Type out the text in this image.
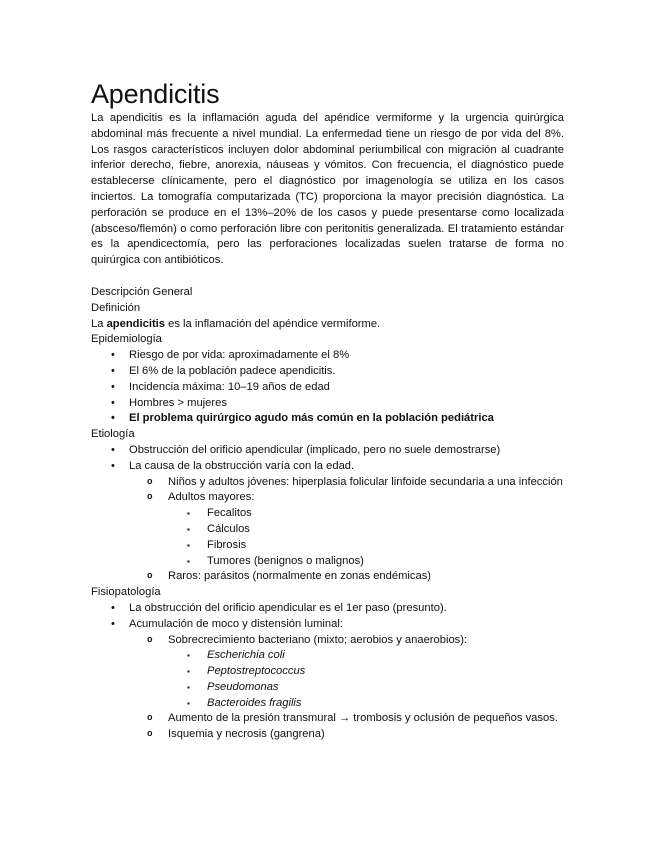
Apendicitis

La apendicitis es la inflamación aguda del apéndice vermiforme y la urgencia quirúrgica abdominal más frecuente a nivel mundial. La enfermedad tiene un riesgo de por vida del 8%. Los rasgos característicos incluyen dolor abdominal periumbilical con migración al cuadrante inferior derecho, fiebre, anorexia, náuseas y vómitos. Con frecuencia, el diagnóstico puede establecerse clínicamente, pero el diagnóstico por imagenología se utiliza en los casos inciertos. La tomografía computarizada (TC) proporciona la mayor precisión diagnóstica. La perforación se produce en el 13%–20% de los casos y puede presentarse como localizada (absceso/flemón) o como perforación libre con peritonitis generalizada. El tratamiento estándar es la apendicectomía, pero las perforaciones localizadas suelen tratarse de forma no quirúrgica con antibióticos.

Descripción General

Definición

La apendicitis es la inflamación del apéndice vermiforme.

Epidemiología

• Riesgo de por vida: aproximadamente el 8%
• El 6% de la población padece apendicitis.
• Incidencia máxima: 10–19 años de edad
• Hombres > mujeres
• El problema quirúrgico agudo más común en la población pediátrica

Etiología

• Obstrucción del orificio apendicular (implicado, pero no suele demostrarse)
• La causa de la obstrucción varía con la edad.
o Niños y adultos jóvenes: hiperplasia folicular linfoide secundaria a una infección
o Adultos mayores:
▪ Fecalitos
▪ Cálculos
▪ Fibrosis
▪ Tumores (benignos o malignos)
o Raros: parásitos (normalmente en zonas endémicas)

Fisiopatología

• La obstrucción del orificio apendicular es el 1er paso (presunto).
• Acumulación de moco y distensión luminal:
o Sobrecrecimiento bacteriano (mixto; aerobios y anaerobios):
▪ Escherichia coli
▪ Peptostreptococcus
▪ Pseudomonas
▪ Bacteroides fragilis
o Aumento de la presión transmural → trombosis y oclusión de pequeños vasos.
o Isquemia y necrosis (gangrena)
